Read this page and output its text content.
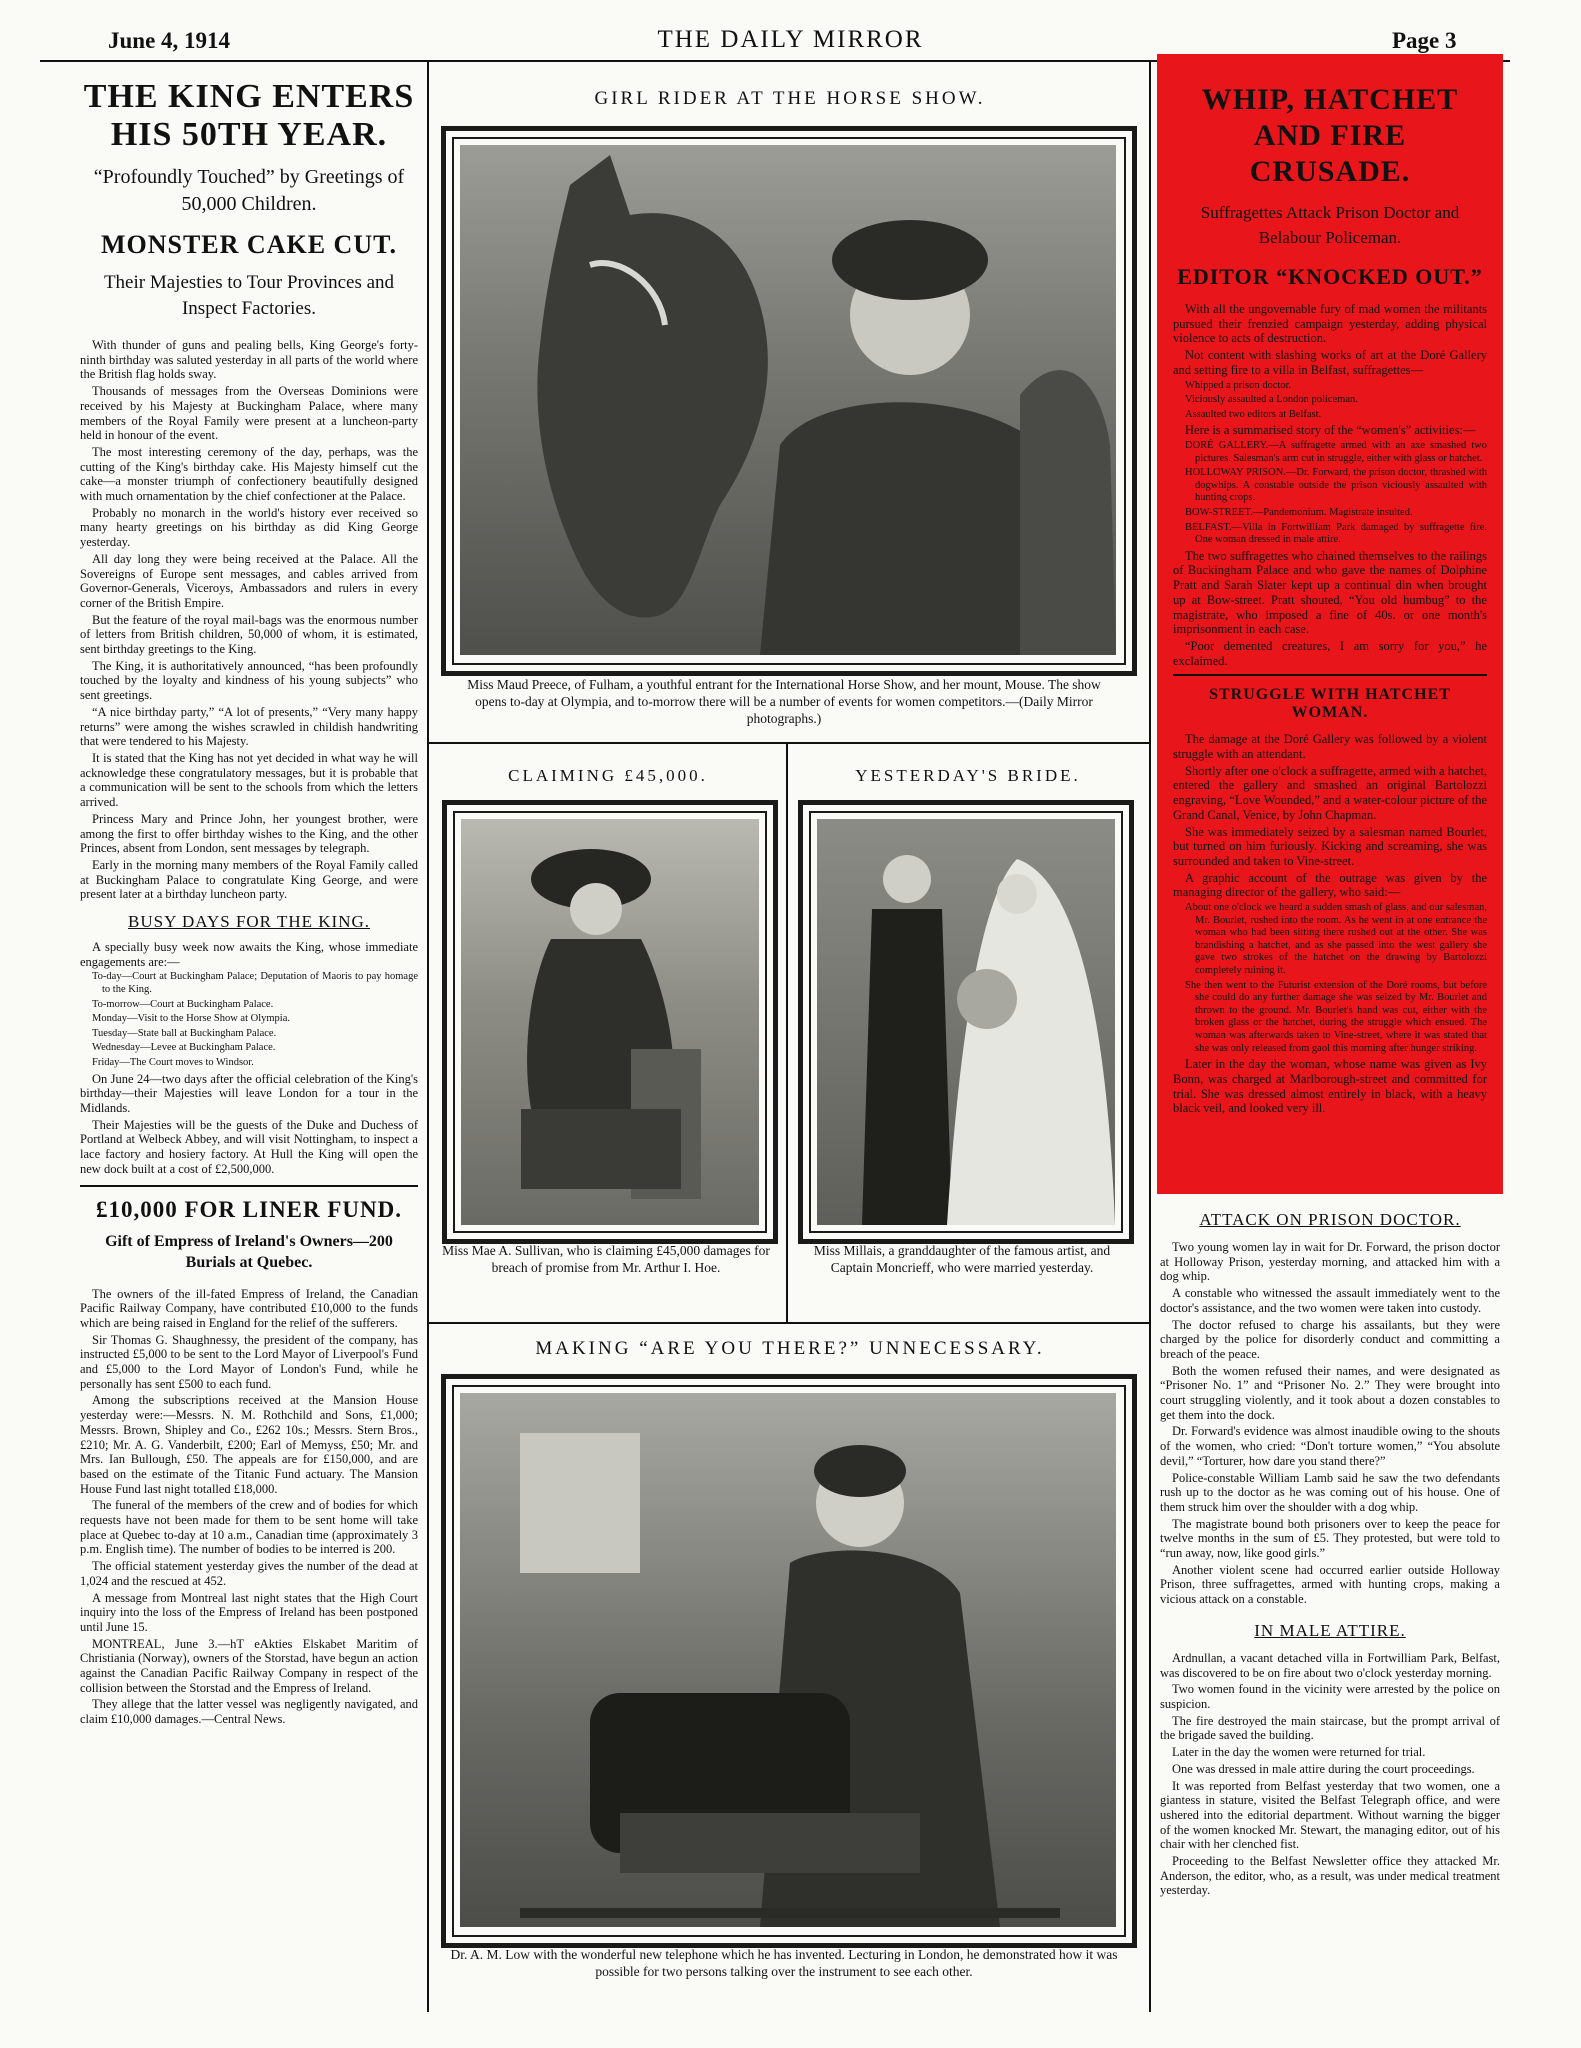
June 4, 1914	THE DAILY MIRROR	Page 3
THE KING ENTERS HIS 50TH YEAR.
“Profoundly Touched” by Greetings of 50,000 Children.
MONSTER CAKE CUT.
Their Majesties to Tour Provinces and Inspect Factories.

With thunder of guns and pealing bells, King George's forty-ninth birthday was saluted yesterday in all parts of the world where the British flag holds sway.

Thousands of messages from the Overseas Dominions were received by his Majesty at Buckingham Palace, where many members of the Royal Family were present at a luncheon-party held in honour of the event.

The most interesting ceremony of the day, perhaps, was the cutting of the King's birthday cake. His Majesty himself cut the cake—a monster triumph of confectionery beautifully designed with much ornamentation by the chief confectioner at the Palace.

Probably no monarch in the world's history ever received so many hearty greetings on his birthday as did King George yesterday.

All day long they were being received at the Palace. All the Sovereigns of Europe sent messages, and cables arrived from Governor-Generals, Viceroys, Ambassadors and rulers in every corner of the British Empire.

But the feature of the royal mail-bags was the enormous number of letters from British children, 50,000 of whom, it is estimated, sent birthday greetings to the King.

The King, it is authoritatively announced, “has been profoundly touched by the loyalty and kindness of his young subjects” who sent greetings.

“A nice birthday party,” “A lot of presents,” “Very many happy returns” were among the wishes scrawled in childish handwriting that were tendered to his Majesty.

It is stated that the King has not yet decided in what way he will acknowledge these congratulatory messages, but it is probable that a communication will be sent to the schools from which the letters arrived.

Princess Mary and Prince John, her youngest brother, were among the first to offer birthday wishes to the King, and the other Princes, absent from London, sent messages by telegraph.

Early in the morning many members of the Royal Family called at Buckingham Palace to congratulate King George, and were present later at a birthday luncheon party.

BUSY DAYS FOR THE KING.

A specially busy week now awaits the King, whose immediate engagements are:—

To-day—Court at Buckingham Palace; Deputation of Maoris to pay homage to the King.

To-morrow—Court at Buckingham Palace.

Monday—Visit to the Horse Show at Olympia.

Tuesday—State ball at Buckingham Palace.

Wednesday—Levee at Buckingham Palace.

Friday—The Court moves to Windsor.

On June 24—two days after the official celebration of the King's birthday—their Majesties will leave London for a tour in the Midlands.

Their Majesties will be the guests of the Duke and Duchess of Portland at Welbeck Abbey, and will visit Nottingham, to inspect a lace factory and hosiery factory. At Hull the King will open the new dock built at a cost of £2,500,000.

£10,000 FOR LINER FUND.
Gift of Empress of Ireland's Owners—200 Burials at Quebec.

The owners of the ill-fated Empress of Ireland, the Canadian Pacific Railway Company, have contributed £10,000 to the funds which are being raised in England for the relief of the sufferers.

Sir Thomas G. Shaughnessy, the president of the company, has instructed £5,000 to be sent to the Lord Mayor of Liverpool's Fund and £5,000 to the Lord Mayor of London's Fund, while he personally has sent £500 to each fund.

Among the subscriptions received at the Mansion House yesterday were:—Messrs. N. M. Rothchild and Sons, £1,000; Messrs. Brown, Shipley and Co., £262 10s.; Messrs. Stern Bros., £210; Mr. A. G. Vanderbilt, £200; Earl of Memyss, £50; Mr. and Mrs. Ian Bullough, £50. The appeals are for £150,000, and are based on the estimate of the Titanic Fund actuary. The Mansion House Fund last night totalled £18,000.

The funeral of the members of the crew and of bodies for which requests have not been made for them to be sent home will take place at Quebec to-day at 10 a.m., Canadian time (approximately 3 p.m. English time). The number of bodies to be interred is 200.

The official statement yesterday gives the number of the dead at 1,024 and the rescued at 452.

A message from Montreal last night states that the High Court inquiry into the loss of the Empress of Ireland has been postponed until June 15.

MONTREAL, June 3.—hT eAkties Elskabet Maritim of Christiania (Norway), owners of the Storstad, have begun an action against the Canadian Pacific Railway Company in respect of the collision between the Storstad and the Empress of Ireland.

They allege that the latter vessel was negligently navigated, and claim £10,000 damages.—Central News.

GIRL RIDER AT THE HORSE SHOW.
Miss Maud Preece, of Fulham, a youthful entrant for the International Horse Show, and her mount, Mouse. The show opens to-day at Olympia, and to-morrow there will be a number of events for women competitors.—(Daily Mirror photographs.)
CLAIMING £45,000.
Miss Mae A. Sullivan, who is claiming £45,000 damages for breach of promise from Mr. Arthur I. Hoe.
YESTERDAY'S BRIDE.
Miss Millais, a granddaughter of the famous artist, and Captain Moncrieff, who were married yesterday.
MAKING “ARE YOU THERE?” UNNECESSARY.
Dr. A. M. Low with the wonderful new telephone which he has invented. Lecturing in London, he demonstrated how it was possible for two persons talking over the instrument to see each other.
WHIP, HATCHET AND FIRE CRUSADE.
Suffragettes Attack Prison Doctor and Belabour Policeman.
EDITOR “KNOCKED OUT.”

With all the ungovernable fury of mad women the militants pursued their frenzied campaign yesterday, adding physical violence to acts of destruction.

Not content with slashing works of art at the Doré Gallery and setting fire to a villa in Belfast, suffragettes—

Whipped a prison doctor.

Viciously assaulted a London policeman.

Assaulted two editors at Belfast.

Here is a summarised story of the “women's” activities:—

DORÉ GALLERY.—A suffragette armed with an axe smashed two pictures. Salesman's arm cut in struggle, either with glass or hatchet.

HOLLOWAY PRISON.—Dr. Forward, the prison doctor, thrashed with dogwhips. A constable outside the prison viciously assaulted with hunting crops.

BOW-STREET.—Pandemonium. Magistrate insulted.

BELFAST.—Villa in Fortwilliam Park damaged by suffragette fire. One woman dressed in male attire.

The two suffragettes who chained themselves to the railings of Buckingham Palace and who gave the names of Dolphine Pratt and Sarah Slater kept up a continual din when brought up at Bow-street. Pratt shouted, “You old humbug” to the magistrate, who imposed a fine of 40s. or one month's imprisonment in each case.

“Poor demented creatures, I am sorry for you,” he exclaimed.

STRUGGLE WITH HATCHET WOMAN.

The damage at the Doré Gallery was followed by a violent struggle with an attendant.

Shortly after one o'clock a suffragette, armed with a hatchet, entered the gallery and smashed an original Bartolozzi engraving, “Love Wounded,” and a water-colour picture of the Grand Canal, Venice, by John Chapman.

She was immediately seized by a salesman named Bourlet, but turned on him furiously. Kicking and screaming, she was surrounded and taken to Vine-street.

A graphic account of the outrage was given by the managing director of the gallery, who said:—

About one o'clock we heard a sudden smash of glass, and our salesman, Mr. Bourlet, rushed into the room. As he went in at one entrance the woman who had been sitting there rushed out at the other. She was brandishing a hatchet, and as she passed into the west gallery she gave two strokes of the hatchet on the drawing by Bartolozzi completely ruining it.

She then went to the Futurist extension of the Doré rooms, but before she could do any further damage she was seized by Mr. Bourlet and thrown to the ground. Mr. Bourlet's hand was cut, either with the broken glass or the hatchet, during the struggle which ensued. The woman was afterwards taken to Vine-street, where it was stated that she was only released from gaol this morning after hunger striking.

Later in the day the woman, whose name was given as Ivy Bonn, was charged at Marlborough-street and committed for trial. She was dressed almost entirely in black, with a heavy black veil, and looked very ill.

ATTACK ON PRISON DOCTOR.

Two young women lay in wait for Dr. Forward, the prison doctor at Holloway Prison, yesterday morning, and attacked him with a dog whip.

A constable who witnessed the assault immediately went to the doctor's assistance, and the two women were taken into custody.

The doctor refused to charge his assailants, but they were charged by the police for disorderly conduct and committing a breach of the peace.

Both the women refused their names, and were designated as “Prisoner No. 1” and “Prisoner No. 2.” They were brought into court struggling violently, and it took about a dozen constables to get them into the dock.

Dr. Forward's evidence was almost inaudible owing to the shouts of the women, who cried: “Don't torture women,” “You absolute devil,” “Torturer, how dare you stand there?”

Police-constable William Lamb said he saw the two defendants rush up to the doctor as he was coming out of his house. One of them struck him over the shoulder with a dog whip.

The magistrate bound both prisoners over to keep the peace for twelve months in the sum of £5. They protested, but were told to “run away, now, like good girls.”

Another violent scene had occurred earlier outside Holloway Prison, three suffragettes, armed with hunting crops, making a vicious attack on a constable.

IN MALE ATTIRE.

Ardnullan, a vacant detached villa in Fortwilliam Park, Belfast, was discovered to be on fire about two o'clock yesterday morning.

Two women found in the vicinity were arrested by the police on suspicion.

The fire destroyed the main staircase, but the prompt arrival of the brigade saved the building.

Later in the day the women were returned for trial.

One was dressed in male attire during the court proceedings.

It was reported from Belfast yesterday that two women, one a giantess in stature, visited the Belfast Telegraph office, and were ushered into the editorial department. Without warning the bigger of the women knocked Mr. Stewart, the managing editor, out of his chair with her clenched fist.

Proceeding to the Belfast Newsletter office they attacked Mr. Anderson, the editor, who, as a result, was under medical treatment yesterday.
